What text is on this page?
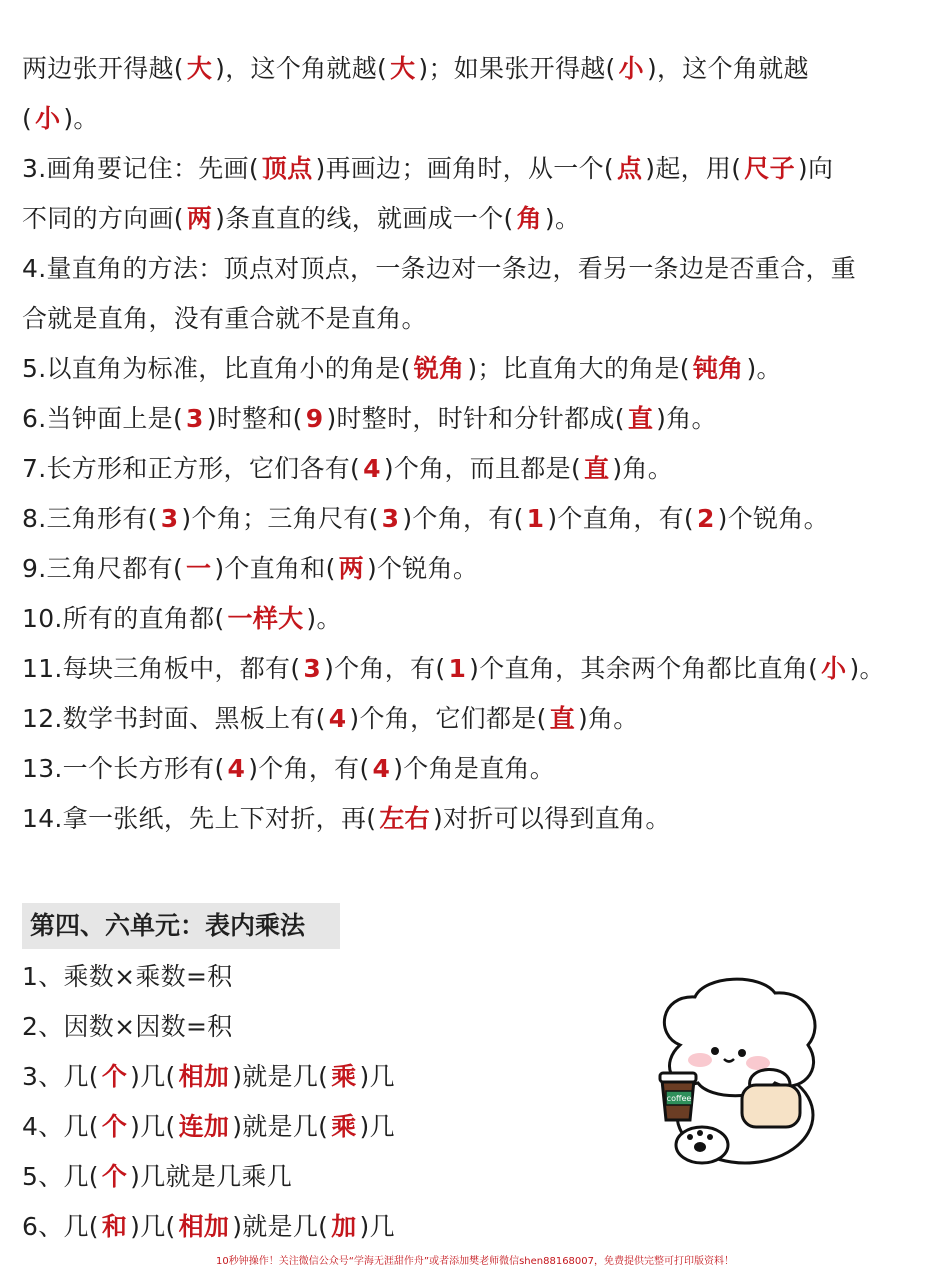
两边张开得越( 大 )，这个角就越( 大 )；如果张开得越( 小 )，这个角就越
( 小 )。
3.画角要记住：先画( 顶点 )再画边；画角时，从一个( 点 )起，用( 尺子 )向
不同的方向画( 两 )条直直的线，就画成一个( 角 )。
4.量直角的方法：顶点对顶点，一条边对一条边，看另一条边是否重合，重
合就是直角，没有重合就不是直角。
5.以直角为标准，比直角小的角是( 锐角 )；比直角大的角是( 钝角 )。
6.当钟面上是( 3 )时整和( 9 )时整时，时针和分针都成( 直 )角。
7.长方形和正方形，它们各有( 4 )个角，而且都是( 直 )角。
8.三角形有( 3 )个角；三角尺有( 3 )个角，有( 1 )个直角，有( 2 )个锐角。
9.三角尺都有( 一 )个直角和( 两 )个锐角。
10.所有的直角都( 一样大 )。
11.每块三角板中，都有( 3 )个角，有( 1 )个直角，其余两个角都比直角( 小 )。
12.数学书封面、黑板上有( 4 )个角，它们都是( 直 )角。
13.一个长方形有( 4 )个角，有( 4 )个角是直角。
14.拿一张纸，先上下对折，再( 左右 )对折可以得到直角。
第四、六单元：表内乘法
1、乘数×乘数=积
2、因数×因数=积
3、几( 个 )几( 相加 )就是几( 乘 )几
4、几( 个 )几( 连加 )就是几( 乘 )几
5、几( 个 )几就是几乘几
6、几( 和 )几( 相加 )就是几( 加 )几
coffee
10秒钟操作！关注微信公众号“学海无涯甜作舟”或者添加樊老师微信shen88168007，免费提供完整可打印版资料！
